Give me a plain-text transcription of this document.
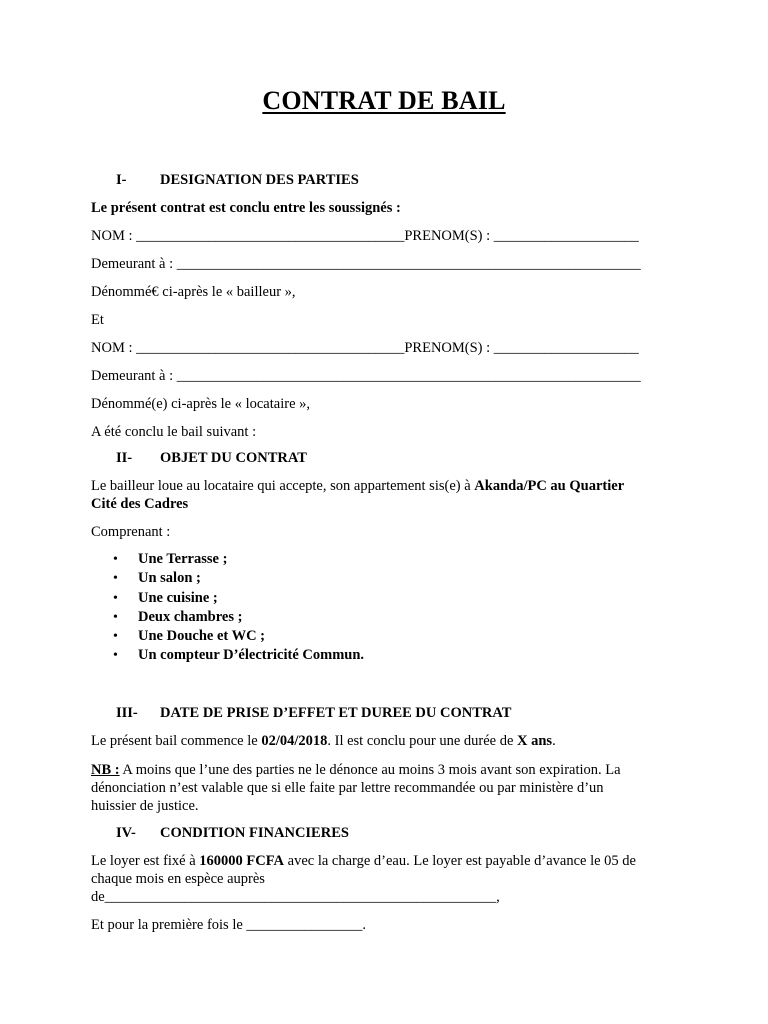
CONTRAT DE BAIL
I- DESIGNATION DES PARTIES
Le présent contrat est conclu entre les soussignés :
NOM : _____________________________________PRENOM(S) : ____________________
Demeurant à : ________________________________________________________________
Dénommé€ ci-après le « bailleur »,
Et
NOM : _____________________________________PRENOM(S) : ____________________
Demeurant à : ________________________________________________________________
Dénommé(e) ci-après le « locataire »,
A été conclu le bail suivant :
II- OBJET DU CONTRAT
Le bailleur loue au locataire qui accepte, son appartement sis(e) à Akanda/PC au Quartier
Cité des Cadres
Comprenant :
• Une Terrasse ;
• Un salon ;
• Une cuisine ;
• Deux chambres ;
• Une Douche et WC ;
• Un compteur D’électricité Commun.
III- DATE DE PRISE D’EFFET ET DUREE DU CONTRAT
Le présent bail commence le 02/04/2018. Il est conclu pour une durée de X ans.
NB : A moins que l’une des parties ne le dénonce au moins 3 mois avant son expiration. La
dénonciation n’est valable que si elle faite par lettre recommandée ou par ministère d’un
huissier de justice.
IV- CONDITION FINANCIERES
Le loyer est fixé à 160000 FCFA avec la charge d’eau. Le loyer est payable d’avance le 05 de
chaque mois en espèce auprès
de______________________________________________________,
Et pour la première fois le ________________.
